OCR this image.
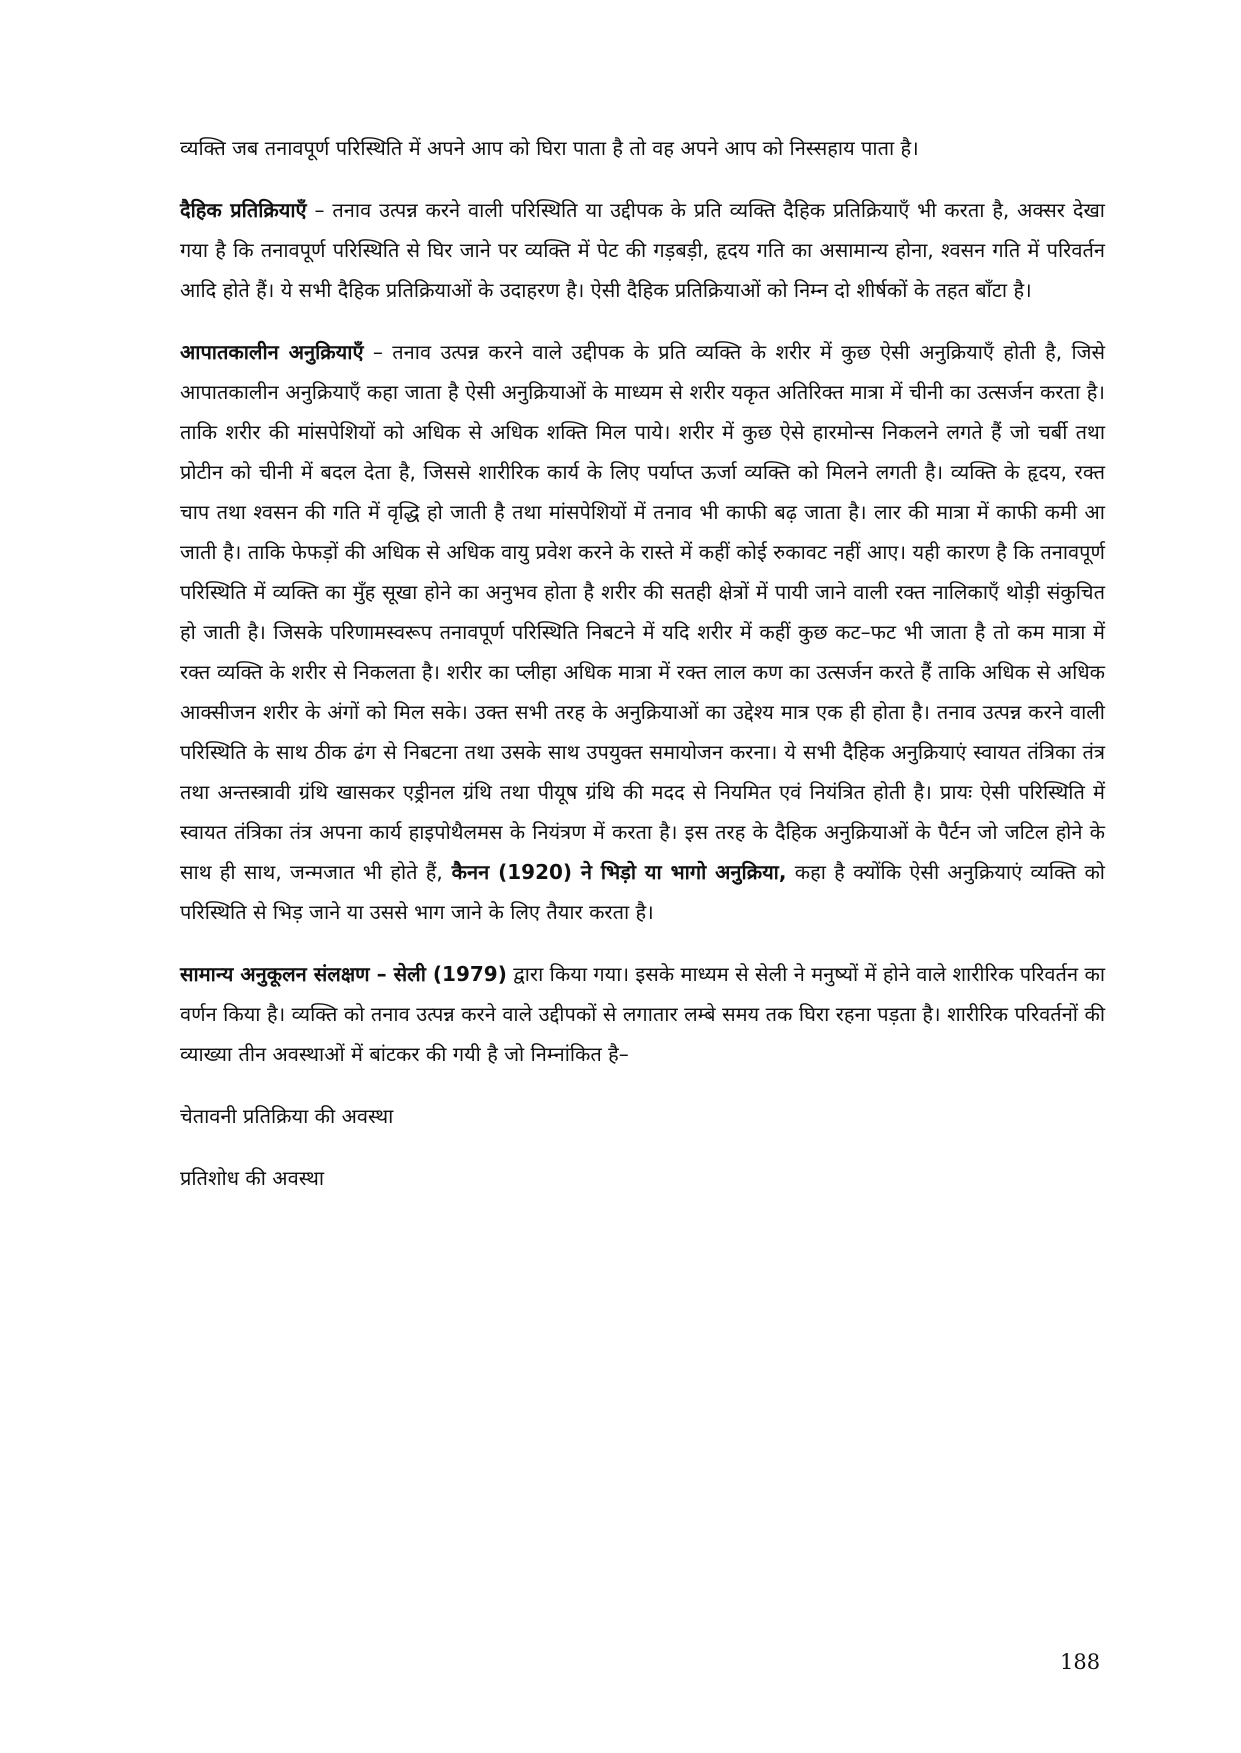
व्यक्ति जब तनावपूर्ण परिस्थिति में अपने आप को घिरा पाता है तो वह अपने आप को निस्सहाय पाता है।

दैहिक प्रतिक्रियाएँ – तनाव उत्पन्न करने वाली परिस्थिति या उद्दीपक के प्रति व्यक्ति दैहिक प्रतिक्रियाएँ भी करता है, अक्सर देखा गया है कि तनावपूर्ण परिस्थिति से घिर जाने पर व्यक्ति में पेट की गड़बड़ी, हृदय गति का असामान्य होना, श्वसन गति में परिवर्तन आदि होते हैं। ये सभी दैहिक प्रतिक्रियाओं के उदाहरण है। ऐसी दैहिक प्रतिक्रियाओं को निम्न दो शीर्षकों के तहत बाँटा है।

आपातकालीन अनुक्रियाएँ – तनाव उत्पन्न करने वाले उद्दीपक के प्रति व्यक्ति के शरीर में कुछ ऐसी अनुक्रियाएँ होती है, जिसे आपातकालीन अनुक्रियाएँ कहा जाता है ऐसी अनुक्रियाओं के माध्यम से शरीर यकृत अतिरिक्त मात्रा में चीनी का उत्सर्जन करता है। ताकि शरीर की मांसपेशियों को अधिक से अधिक शक्ति मिल पाये। शरीर में कुछ ऐसे हारमोन्स निकलने लगते हैं जो चर्बी तथा प्रोटीन को चीनी में बदल देता है, जिससे शारीरिक कार्य के लिए पर्याप्त ऊर्जा व्यक्ति को मिलने लगती है। व्यक्ति के हृदय, रक्त चाप तथा श्वसन की गति में वृद्धि हो जाती है तथा मांसपेशियों में तनाव भी काफी बढ़ जाता है। लार की मात्रा में काफी कमी आ जाती है। ताकि फेफड़ों की अधिक से अधिक वायु प्रवेश करने के रास्ते में कहीं कोई रुकावट नहीं आए। यही कारण है कि तनावपूर्ण परिस्थिति में व्यक्ति का मुँह सूखा होने का अनुभव होता है शरीर की सतही क्षेत्रों में पायी जाने वाली रक्त नालिकाएँ थोड़ी संकुचित हो जाती है। जिसके परिणामस्वरूप तनावपूर्ण परिस्थिति निबटने में यदि शरीर में कहीं कुछ कट–फट भी जाता है तो कम मात्रा में रक्त व्यक्ति के शरीर से निकलता है। शरीर का प्लीहा अधिक मात्रा में रक्त लाल कण का उत्सर्जन करते हैं ताकि अधिक से अधिक आक्सीजन शरीर के अंगों को मिल सके। उक्त सभी तरह के अनुक्रियाओं का उद्देश्य मात्र एक ही होता है। तनाव उत्पन्न करने वाली परिस्थिति के साथ ठीक ढंग से निबटना तथा उसके साथ उपयुक्त समायोजन करना। ये सभी दैहिक अनुक्रियाएं स्वायत तंत्रिका तंत्र तथा अन्तस्त्रावी ग्रंथि खासकर एड्रीनल ग्रंथि तथा पीयूष ग्रंथि की मदद से नियमित एवं नियंत्रित होती है। प्रायः ऐसी परिस्थिति में स्वायत तंत्रिका तंत्र अपना कार्य हाइपोथैलमस के नियंत्रण में करता है। इस तरह के दैहिक अनुक्रियाओं के पैर्टन जो जटिल होने के साथ ही साथ, जन्मजात भी होते हैं, कैनन (1920) ने भिड़ो या भागो अनुक्रिया, कहा है क्योंकि ऐसी अनुक्रियाएं व्यक्ति को परिस्थिति से भिड़ जाने या उससे भाग जाने के लिए तैयार करता है।

सामान्य अनुकूलन संलक्षण – सेली (1979) द्वारा किया गया। इसके माध्यम से सेली ने मनुष्यों में होने वाले शारीरिक परिवर्तन का वर्णन किया है। व्यक्ति को तनाव उत्पन्न करने वाले उद्दीपकों से लगातार लम्बे समय तक घिरा रहना पड़ता है। शारीरिक परिवर्तनों की व्याख्या तीन अवस्थाओं में बांटकर की गयी है जो निम्नांकित है–

चेतावनी प्रतिक्रिया की अवस्था

प्रतिशोध की अवस्था

188
